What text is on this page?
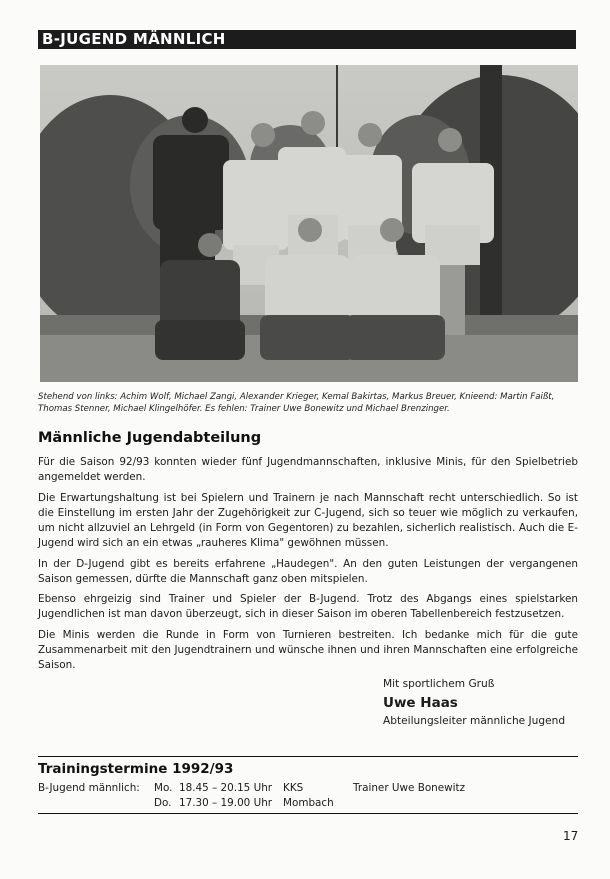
B-JUGEND MÄNNLICH
Stehend von links: Achim Wolf, Michael Zangi, Alexander Krieger, Kemal Bakirtas, Markus Breuer, Knieend: Martin Faißt, Thomas Stenner, Michael Klingelhöfer. Es fehlen: Trainer Uwe Bonewitz und Michael Brenzinger.
Männliche Jugendabteilung

Für die Saison 92/93 konnten wieder fünf Jugendmannschaften, inklusive Minis, für den Spielbetrieb angemeldet werden.

Die Erwartungshaltung ist bei Spielern und Trainern je nach Mannschaft recht unterschiedlich. So ist die Einstellung im ersten Jahr der Zugehörigkeit zur C-Jugend, sich so teuer wie möglich zu verkaufen, um nicht allzuviel an Lehrgeld (in Form von Gegentoren) zu bezahlen, sicherlich realistisch. Auch die E-Jugend wird sich an ein etwas „rauheres Klima" gewöhnen müssen.

In der D-Jugend gibt es bereits erfahrene „Haudegen". An den guten Leistungen der vergangenen Saison gemessen, dürfte die Mannschaft ganz oben mitspielen.

Ebenso ehrgeizig sind Trainer und Spieler der B-Jugend. Trotz des Abgangs eines spielstarken Jugendlichen ist man davon überzeugt, sich in dieser Saison im oberen Tabellenbereich festzusetzen.

Die Minis werden die Runde in Form von Turnieren bestreiten. Ich bedanke mich für die gute Zusammenarbeit mit den Jugendtrainern und wünsche ihnen und ihren Mannschaften eine erfolgreiche Saison.

Mit sportlichem Gruß
Uwe Haas
Abteilungsleiter männliche Jugend
Trainingstermine 1992/93
B-Jugend männlich:	Mo.	18.45 – 20.15 Uhr	KKS	Trainer Uwe Bonewitz
	Do.	17.30 – 19.00 Uhr	Mombach	
17
